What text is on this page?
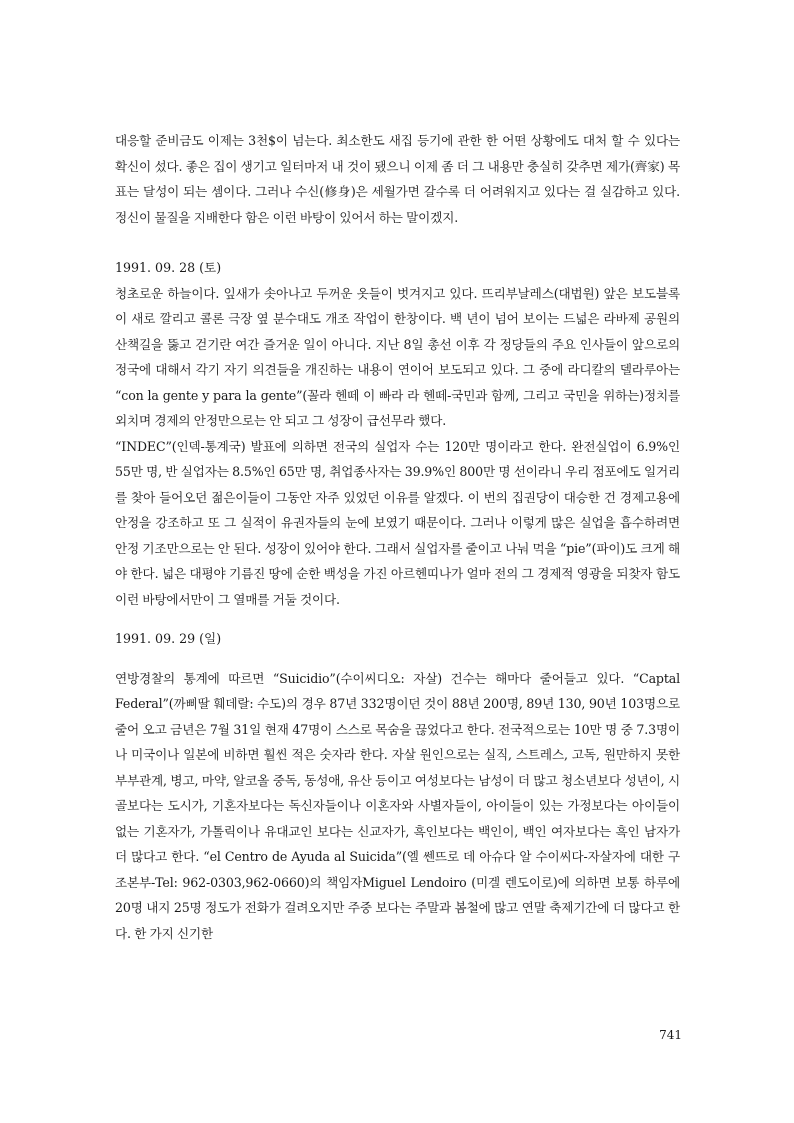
대응할 준비금도 이제는 3천$이 넘는다. 최소한도 새집 등기에 관한 한 어떤 상황에도 대처 할 수 있다는 확신이 섰다. 좋은 집이 생기고 일터마저 내 것이 됐으니 이제 좀 더 그 내용만 충실히 갖추면 제가(齊家) 목표는 달성이 되는 셈이다. 그러나 수신(修身)은 세월가면 갈수록 더 어려워지고 있다는 걸 실감하고 있다. 정신이 물질을 지배한다 함은 이런 바탕이 있어서 하는 말이겠지.

1991. 09. 28 (토)

청초로운 하늘이다. 잎새가 솟아나고 두꺼운 옷들이 벗겨지고 있다. 뜨리부날레스(대법원) 앞은 보도블록이 새로 깔리고 콜론 극장 옆 분수대도 개조 작업이 한창이다. 백 년이 넘어 보이는 드넓은 라바제 공원의 산책길을 뚫고 걷기란 여간 즐거운 일이 아니다. 지난 8일 총선 이후 각 정당들의 주요 인사들이 앞으로의 정국에 대해서 각기 자기 의견들을 개진하는 내용이 연이어 보도되고 있다. 그 중에 라디칼의 델라루아는 “con la gente y para la gente”(꼴라 헨떼 이 빠라 라 헨떼-국민과 함께, 그리고 국민을 위하는)정치를 외치며 경제의 안정만으로는 안 되고 그 성장이 급선무라 했다.

“INDEC”(인덱-통계국) 발표에 의하면 전국의 실업자 수는 120만 명이라고 한다. 완전실업이 6.9%인 55만 명, 반 실업자는 8.5%인 65만 명, 취업종사자는 39.9%인 800만 명 선이라니 우리 점포에도 일거리를 찾아 들어오던 젊은이들이 그동안 자주 있었던 이유를 알겠다. 이 번의 집권당이 대승한 건 경제고용에 안정을 강조하고 또 그 실적이 유권자들의 눈에 보였기 때문이다. 그러나 이렇게 많은 실업을 흡수하려면 안정 기조만으로는 안 된다. 성장이 있어야 한다. 그래서 실업자를 줄이고 나눠 먹을 “pie”(파이)도 크게 해야 한다. 넓은 대평야 기름진 땅에 순한 백성을 가진 아르헨띠나가 얼마 전의 그 경제적 영광을 되찾자 함도 이런 바탕에서만이 그 열매를 거둘 것이다.

1991. 09. 29 (일)

연방경찰의 통계에 따르면 “Suicidio”(수이씨디오: 자살) 건수는 해마다 줄어들고 있다. “Captal Federal”(까삐딸 훼데랄: 수도)의 경우 87년 332명이던 것이 88년 200명, 89년 130, 90년 103명으로 줄어 오고 금년은 7월 31일 현재 47명이 스스로 목숨을 끊었다고 한다. 전국적으로는 10만 명 중 7.3명이나 미국이나 일본에 비하면 훨씬 적은 숫자라 한다. 자살 원인으로는 실직, 스트레스, 고독, 원만하지 못한 부부관계, 병고, 마약, 알코올 중독, 동성애, 유산 등이고 여성보다는 남성이 더 많고 청소년보다 성년이, 시골보다는 도시가, 기혼자보다는 독신자들이나 이혼자와 사별자들이, 아이들이 있는 가정보다는 아이들이 없는 기혼자가, 가톨릭이나 유대교인 보다는 신교자가, 흑인보다는 백인이, 백인 여자보다는 흑인 남자가 더 많다고 한다. “el Centro de Ayuda al Suicida”(엘 쎈뜨로 데 아슈다 알 수이씨다-자살자에 대한 구조본부-Tel: 962-0303,962-0660)의 책임자Miguel Lendoiro (미겔 렌도이로)에 의하면 보통 하루에 20명 내지 25명 정도가 전화가 걸려오지만 주중 보다는 주말과 봄철에 많고 연말 축제기간에 더 많다고 한다. 한 가지 신기한

741
